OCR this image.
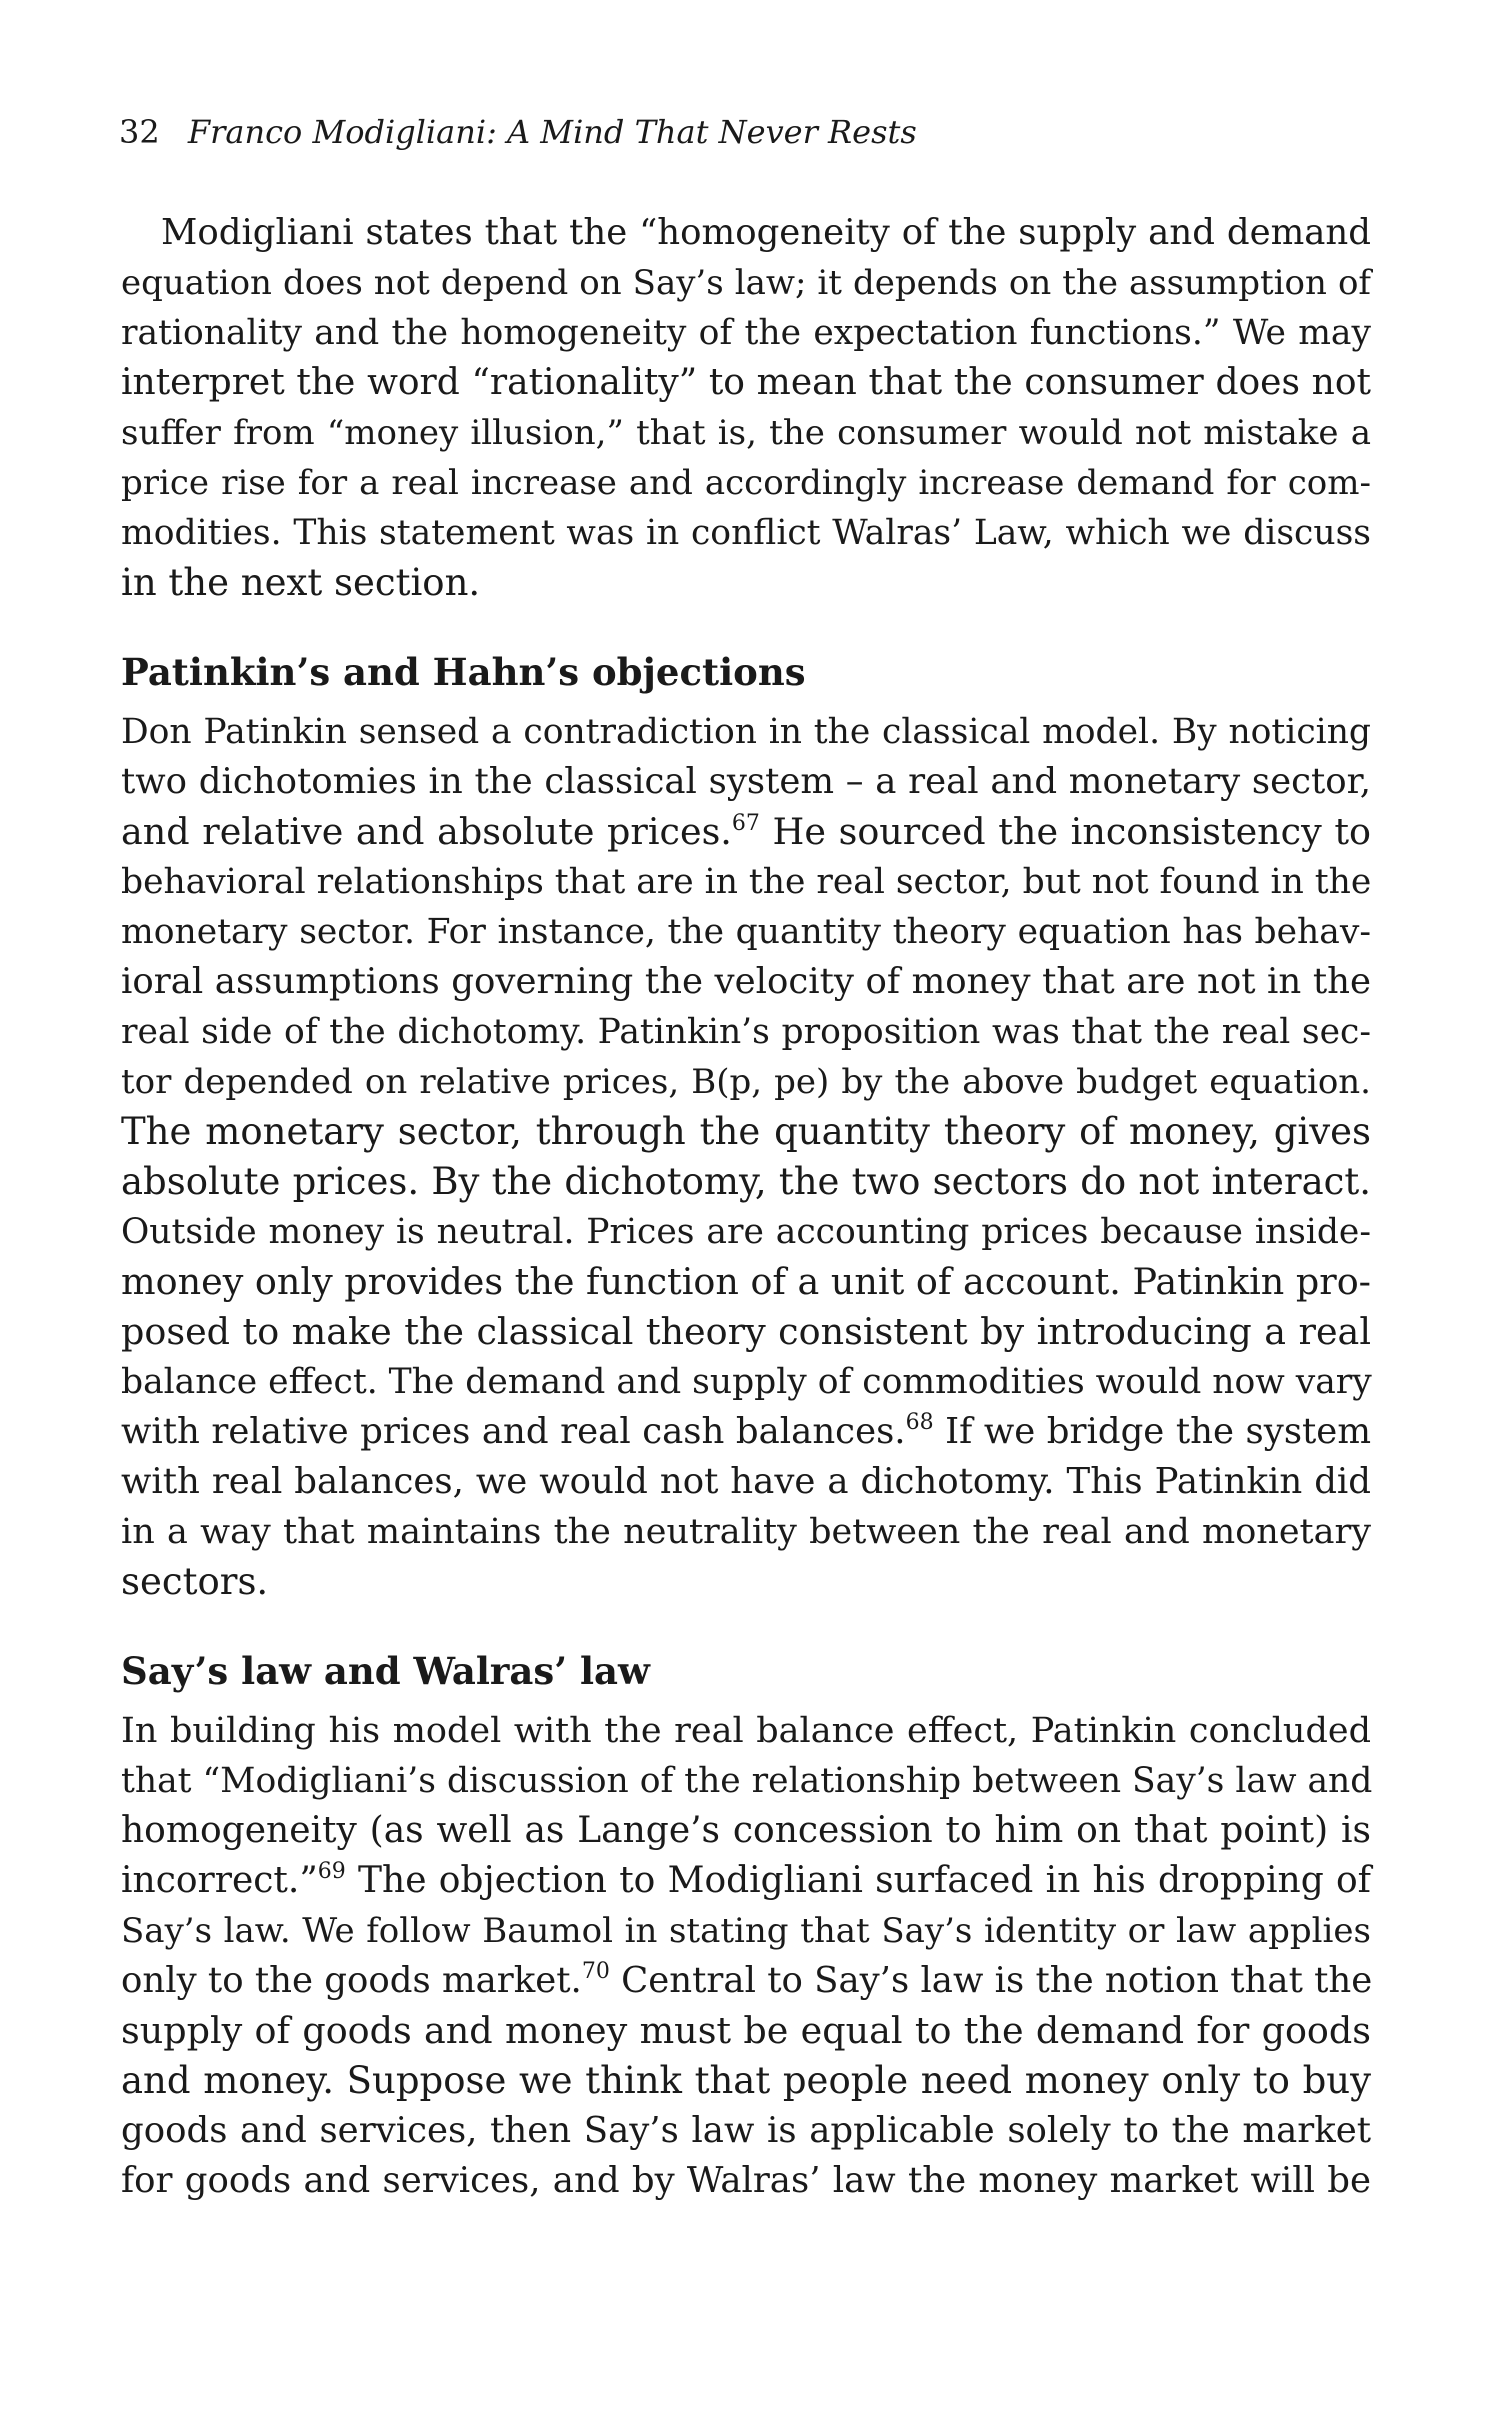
32 Franco Modigliani: A Mind That Never Rests
Modigliani states that the “homogeneity of the supply and demand
equation does not depend on Say’s law; it depends on the assumption of
rationality and the homogeneity of the expectation functions.” We may
interpret the word “rationality” to mean that the consumer does not
suffer from “money illusion,” that is, the consumer would not mistake a
price rise for a real increase and accordingly increase demand for com-
modities. This statement was in conflict Walras’ Law, which we discuss
in the next section.
Patinkin’s and Hahn’s objections
Don Patinkin sensed a contradiction in the classical model. By noticing
two dichotomies in the classical system – a real and monetary sector,
and relative and absolute prices.$^{67}$ He sourced the inconsistency to
behavioral relationships that are in the real sector, but not found in the
monetary sector. For instance, the quantity theory equation has behav-
ioral assumptions governing the velocity of money that are not in the
real side of the dichotomy. Patinkin’s proposition was that the real sec-
tor depended on relative prices, B(p, pe) by the above budget equation.
The monetary sector, through the quantity theory of money, gives
absolute prices. By the dichotomy, the two sectors do not interact.
Outside money is neutral. Prices are accounting prices because inside-
money only provides the function of a unit of account. Patinkin pro-
posed to make the classical theory consistent by introducing a real
balance effect. The demand and supply of commodities would now vary
with relative prices and real cash balances.$^{68}$ If we bridge the system
with real balances, we would not have a dichotomy. This Patinkin did
in a way that maintains the neutrality between the real and monetary
sectors.
Say’s law and Walras’ law
In building his model with the real balance effect, Patinkin concluded
that “Modigliani’s discussion of the relationship between Say’s law and
homogeneity (as well as Lange’s concession to him on that point) is
incorrect.”$^{69}$ The objection to Modigliani surfaced in his dropping of
Say’s law. We follow Baumol in stating that Say’s identity or law applies
only to the goods market.$^{70}$ Central to Say’s law is the notion that the
supply of goods and money must be equal to the demand for goods
and money. Suppose we think that people need money only to buy
goods and services, then Say’s law is applicable solely to the market
for goods and services, and by Walras’ law the money market will be
